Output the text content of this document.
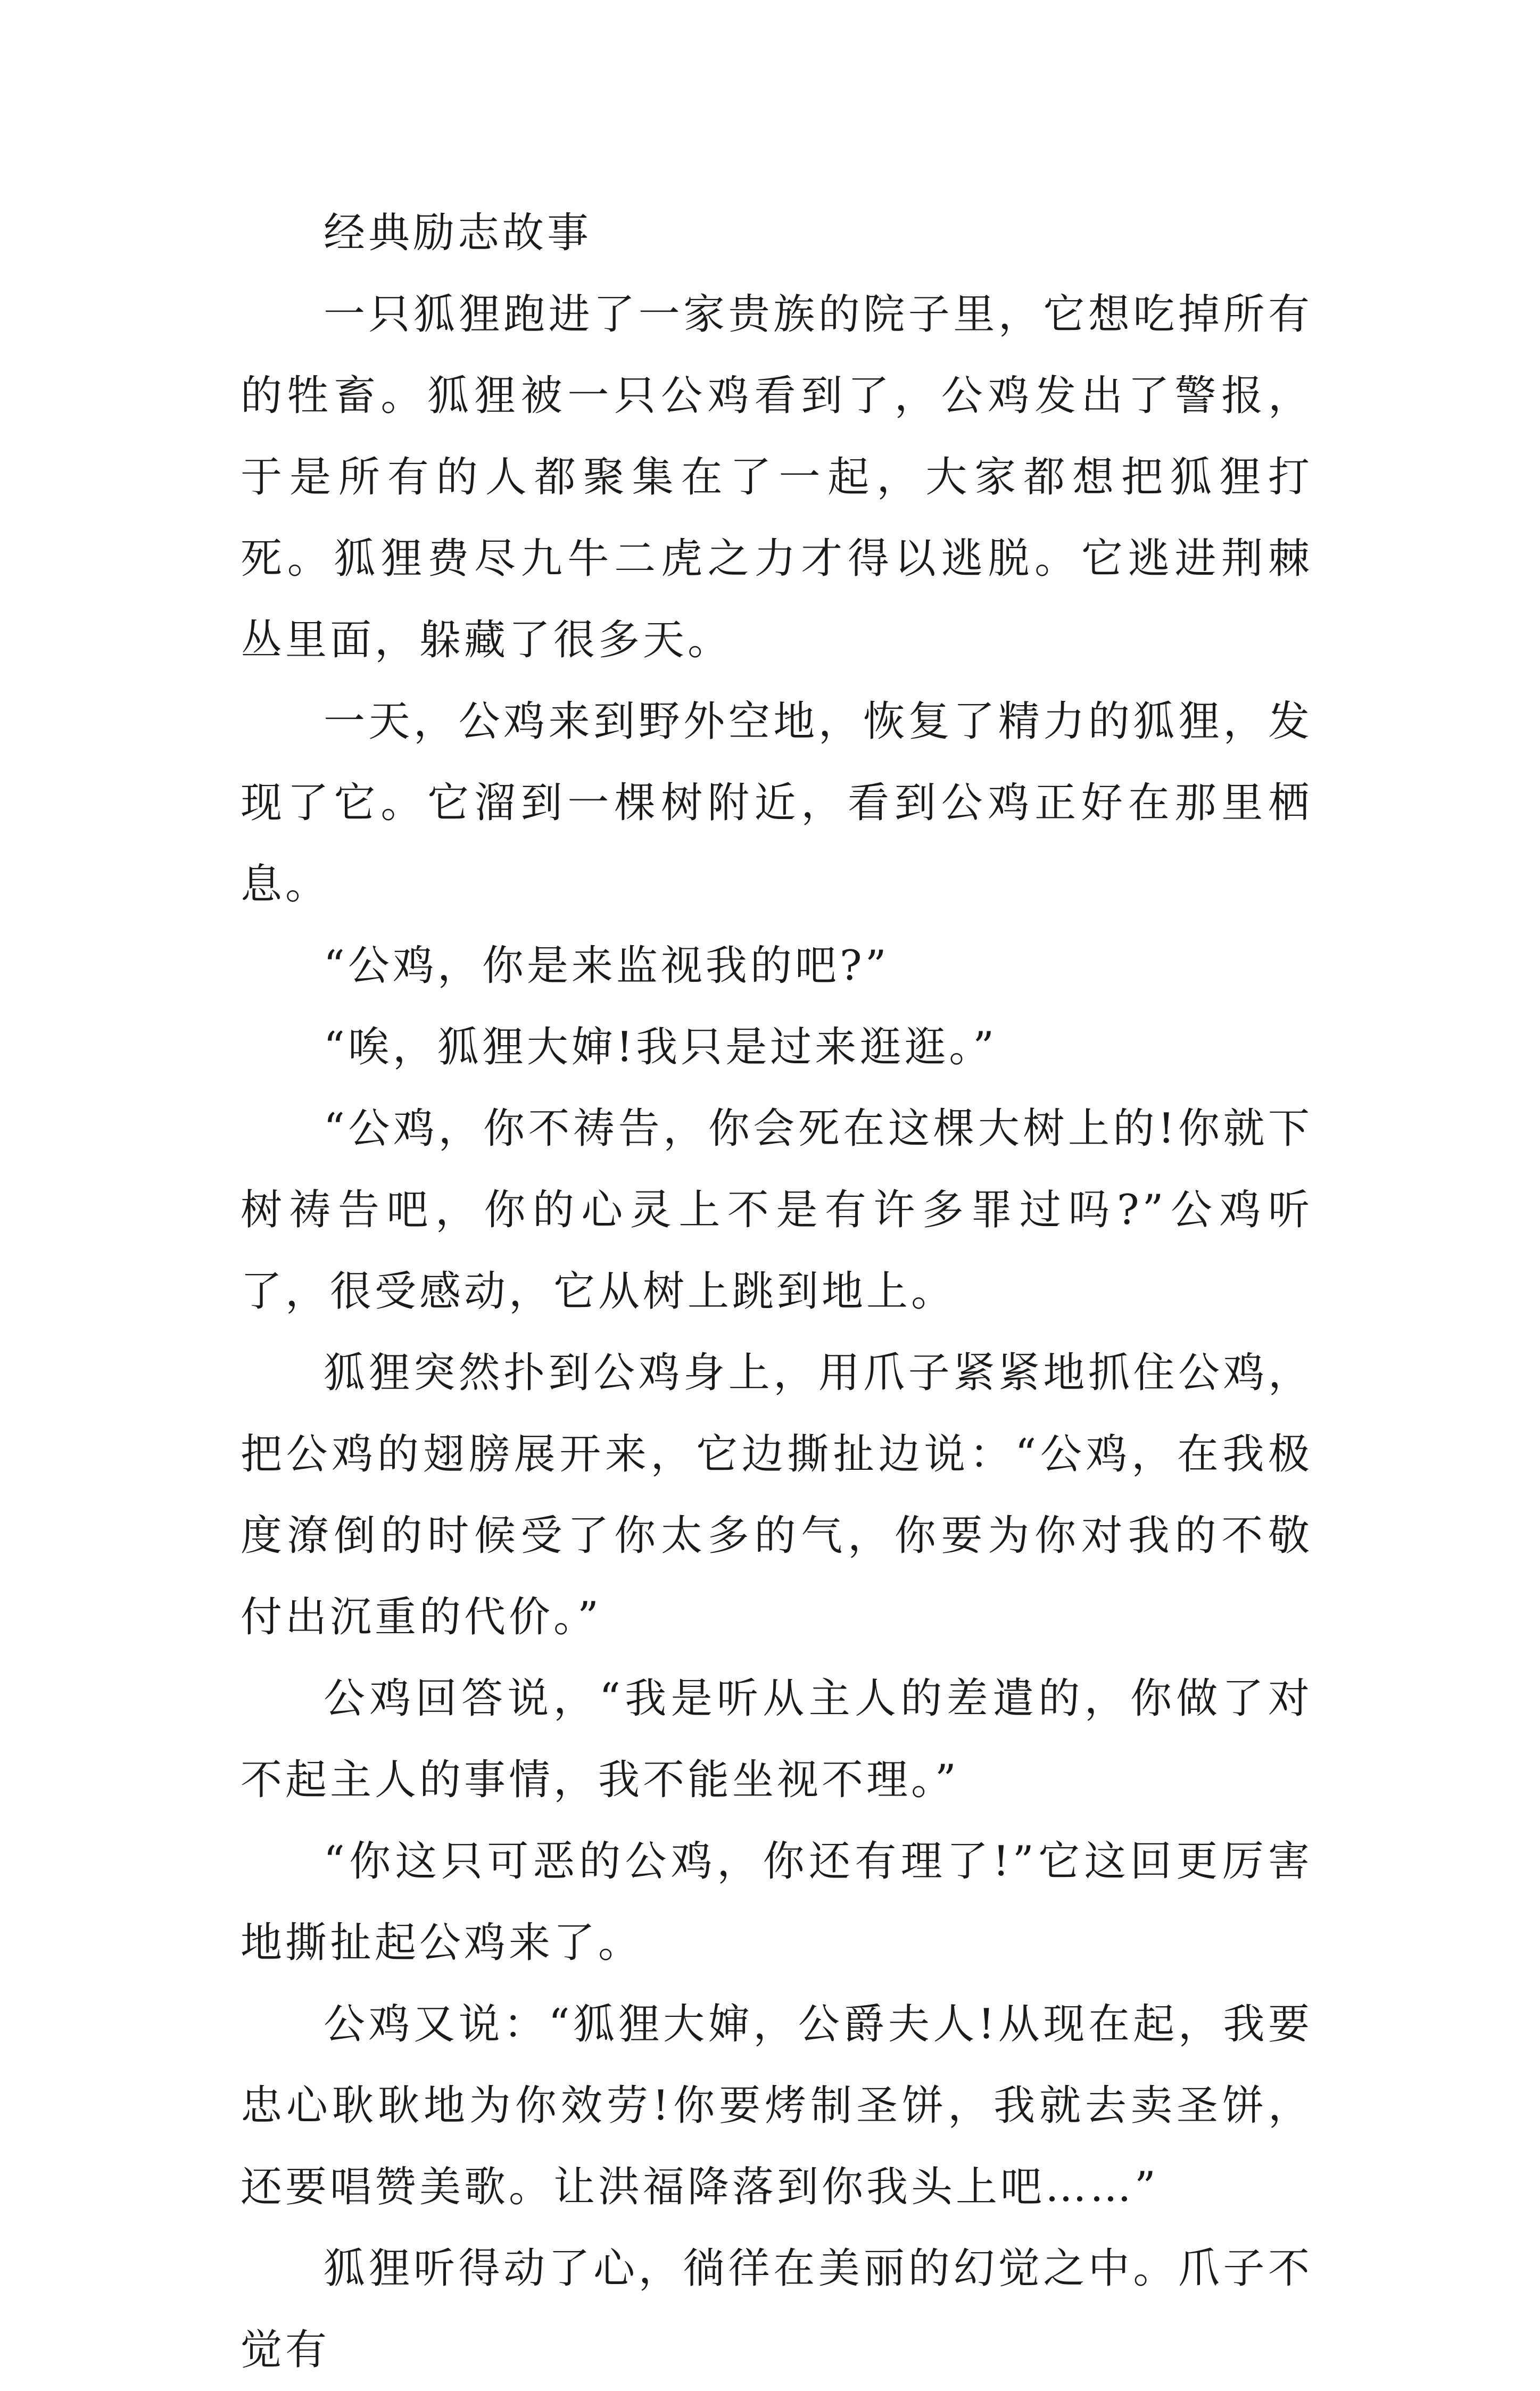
经典励志故事

一只狐狸跑进了一家贵族的院子里，它想吃掉所有的牲畜。狐狸被一只公鸡看到了，公鸡发出了警报，于是所有的人都聚集在了一起，大家都想把狐狸打死。狐狸费尽九牛二虎之力才得以逃脱。它逃进荆棘丛里面，躲藏了很多天。

一天，公鸡来到野外空地，恢复了精力的狐狸，发现了它。它溜到一棵树附近，看到公鸡正好在那里栖息。

“公鸡，你是来监视我的吧?”

“唉，狐狸大婶!我只是过来逛逛。”

“公鸡，你不祷告，你会死在这棵大树上的!你就下树祷告吧，你的心灵上不是有许多罪过吗?”公鸡听了，很受感动，它从树上跳到地上。

狐狸突然扑到公鸡身上，用爪子紧紧地抓住公鸡，把公鸡的翅膀展开来，它边撕扯边说：“公鸡，在我极度潦倒的时候受了你太多的气，你要为你对我的不敬付出沉重的代价。”

公鸡回答说，“我是听从主人的差遣的，你做了对不起主人的事情，我不能坐视不理。”

“你这只可恶的公鸡，你还有理了!”它这回更厉害地撕扯起公鸡来了。

公鸡又说：“狐狸大婶，公爵夫人!从现在起，我要忠心耿耿地为你效劳!你要烤制圣饼，我就去卖圣饼，还要唱赞美歌。让洪福降落到你我头上吧……”

狐狸听得动了心，徜徉在美丽的幻觉之中。爪子不觉有
